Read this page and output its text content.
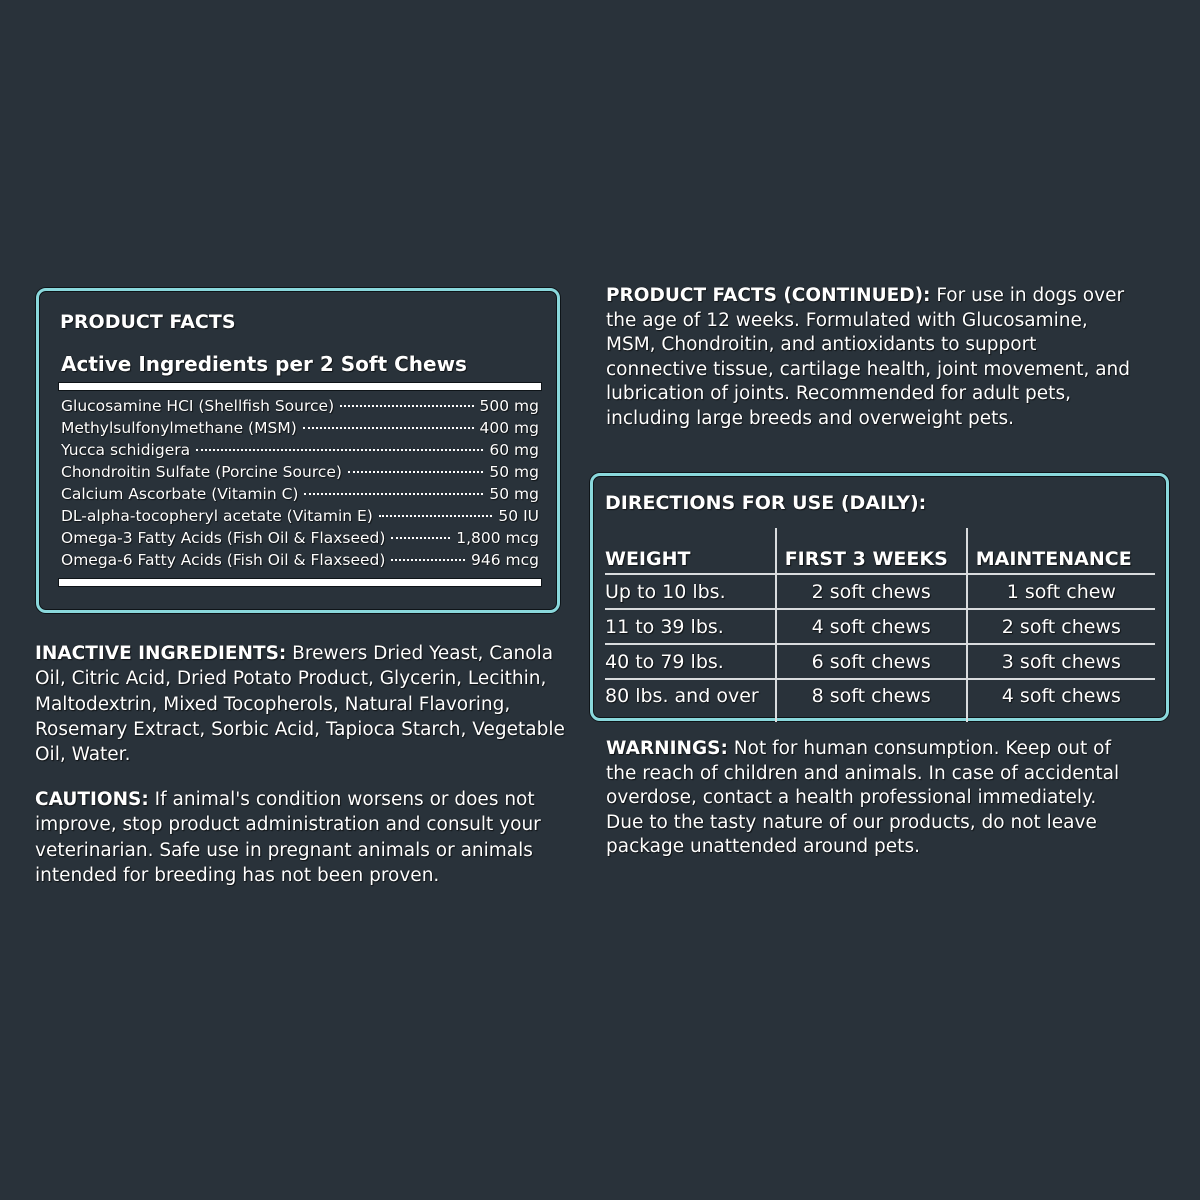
PRODUCT FACTS
Active Ingredients per 2 Soft Chews
Glucosamine HCI (Shellfish Source)	500 mg
Methylsulfonylmethane (MSM)	400 mg
Yucca schidigera	60 mg
Chondroitin Sulfate (Porcine Source)	50 mg
Calcium Ascorbate (Vitamin C)	50 mg
DL-alpha-tocopheryl acetate (Vitamin E)	50 IU
Omega-3 Fatty Acids (Fish Oil & Flaxseed)	1,800 mcg
Omega-6 Fatty Acids (Fish Oil & Flaxseed)	946 mcg

INACTIVE INGREDIENTS: Brewers Dried Yeast, Canola Oil, Citric Acid, Dried Potato Product, Glycerin, Lecithin, Maltodextrin, Mixed Tocopherols, Natural Flavoring, Rosemary Extract, Sorbic Acid, Tapioca Starch, Vegetable Oil, Water.

CAUTIONS: If animal's condition worsens or does not improve, stop product administration and consult your veterinarian. Safe use in pregnant animals or animals intended for breeding has not been proven.

PRODUCT FACTS (CONTINUED): For use in dogs over the age of 12 weeks. Formulated with Glucosamine, MSM, Chondroitin, and antioxidants to support connective tissue, cartilage health, joint movement, and lubrication of joints. Recommended for adult pets, including large breeds and overweight pets.

DIRECTIONS FOR USE (DAILY):
WEIGHT	FIRST 3 WEEKS	MAINTENANCE
Up to 10 lbs.	2 soft chews	1 soft chew
11 to 39 lbs.	4 soft chews	2 soft chews
40 to 79 lbs.	6 soft chews	3 soft chews
80 lbs. and over	8 soft chews	4 soft chews

WARNINGS: Not for human consumption. Keep out of the reach of children and animals. In case of accidental overdose, contact a health professional immediately. Due to the tasty nature of our products, do not leave package unattended around pets.
